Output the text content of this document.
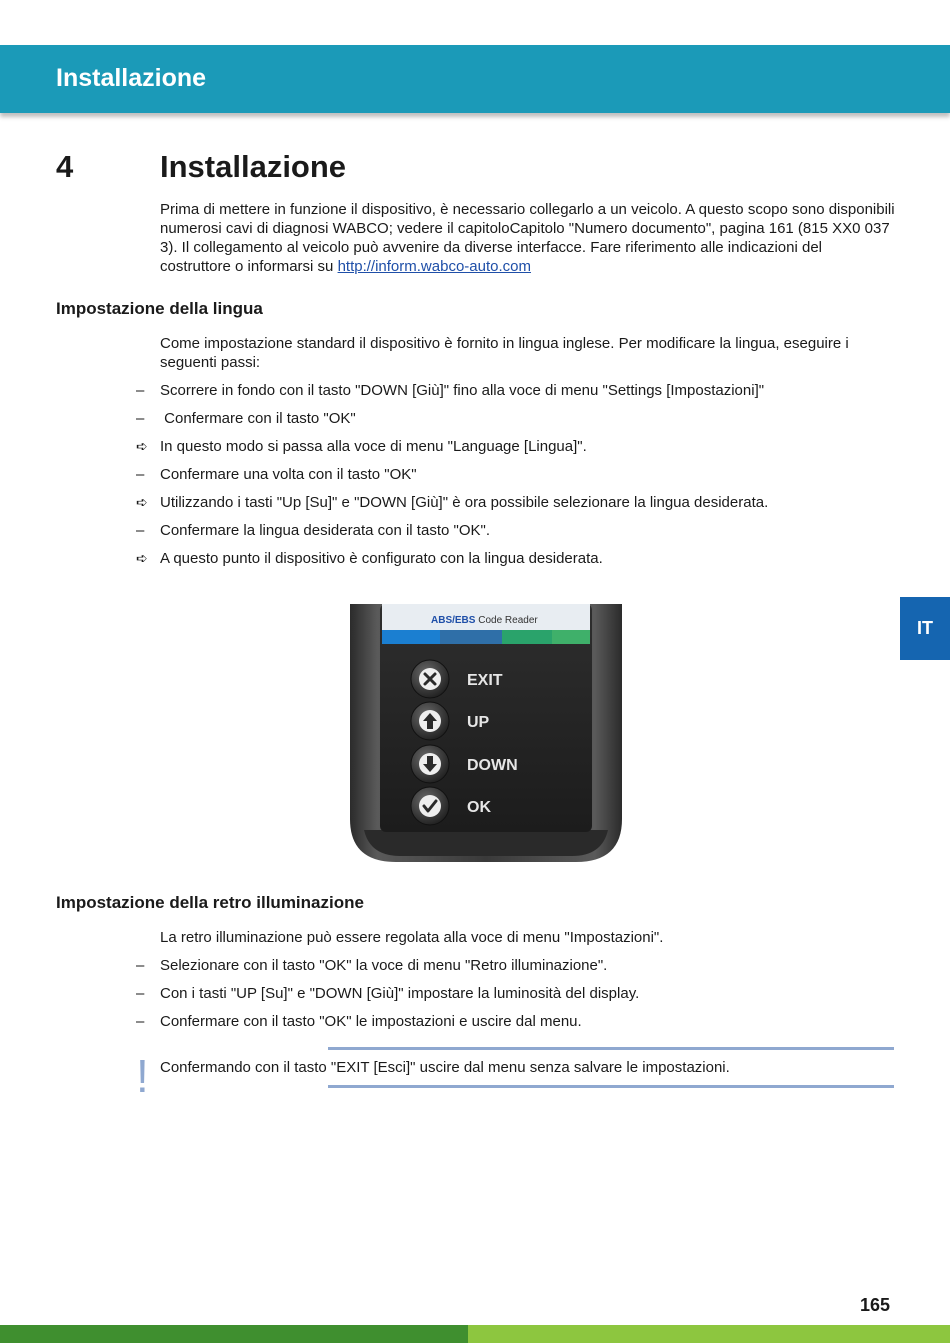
Installazione
4	Installazione
Prima di mettere in funzione il dispositivo, è necessario collegarlo a un veicolo. A questo scopo sono disponibili numerosi cavi di diagnosi WABCO; vedere il capitoloCapitolo "Numero documento", pagina 161 (815 XX0 037 3). Il collegamento al veicolo può avvenire da diverse interfacce. Fare riferimento alle indicazioni del costruttore o informarsi su http://inform.wabco-auto.com
Impostazione della lingua
Come impostazione standard il dispositivo è fornito in lingua inglese. Per modificare la lingua, eseguire i seguenti passi:
–	Scorrere in fondo con il tasto "DOWN [Giù]" fino alla voce di menu "Settings [Impostazioni]"
–	Confermare con il tasto "OK"
➪ In questo modo si passa alla voce di menu "Language [Lingua]".
–	Confermare una volta con il tasto "OK"
➪ Utilizzando i tasti "Up [Su]" e "DOWN [Giù]" è ora possibile selezionare la lingua desiderata.
–	Confermare la lingua desiderata con il tasto "OK".
➪ A questo punto il dispositivo è configurato con la lingua desiderata.
IT
ABS/EBS Code Reader
EXIT
UP
DOWN
OK
Impostazione della retro illuminazione
La retro illuminazione può essere regolata alla voce di menu "Impostazioni".
–	Selezionare con il tasto "OK" la voce di menu "Retro illuminazione".
–	Con i tasti "UP [Su]" e "DOWN [Giù]" impostare la luminosità del display.
–	Confermare con il tasto "OK" le impostazioni e uscire dal menu.
! Confermando con il tasto "EXIT [Esci]" uscire dal menu senza salvare le impostazioni.
165
